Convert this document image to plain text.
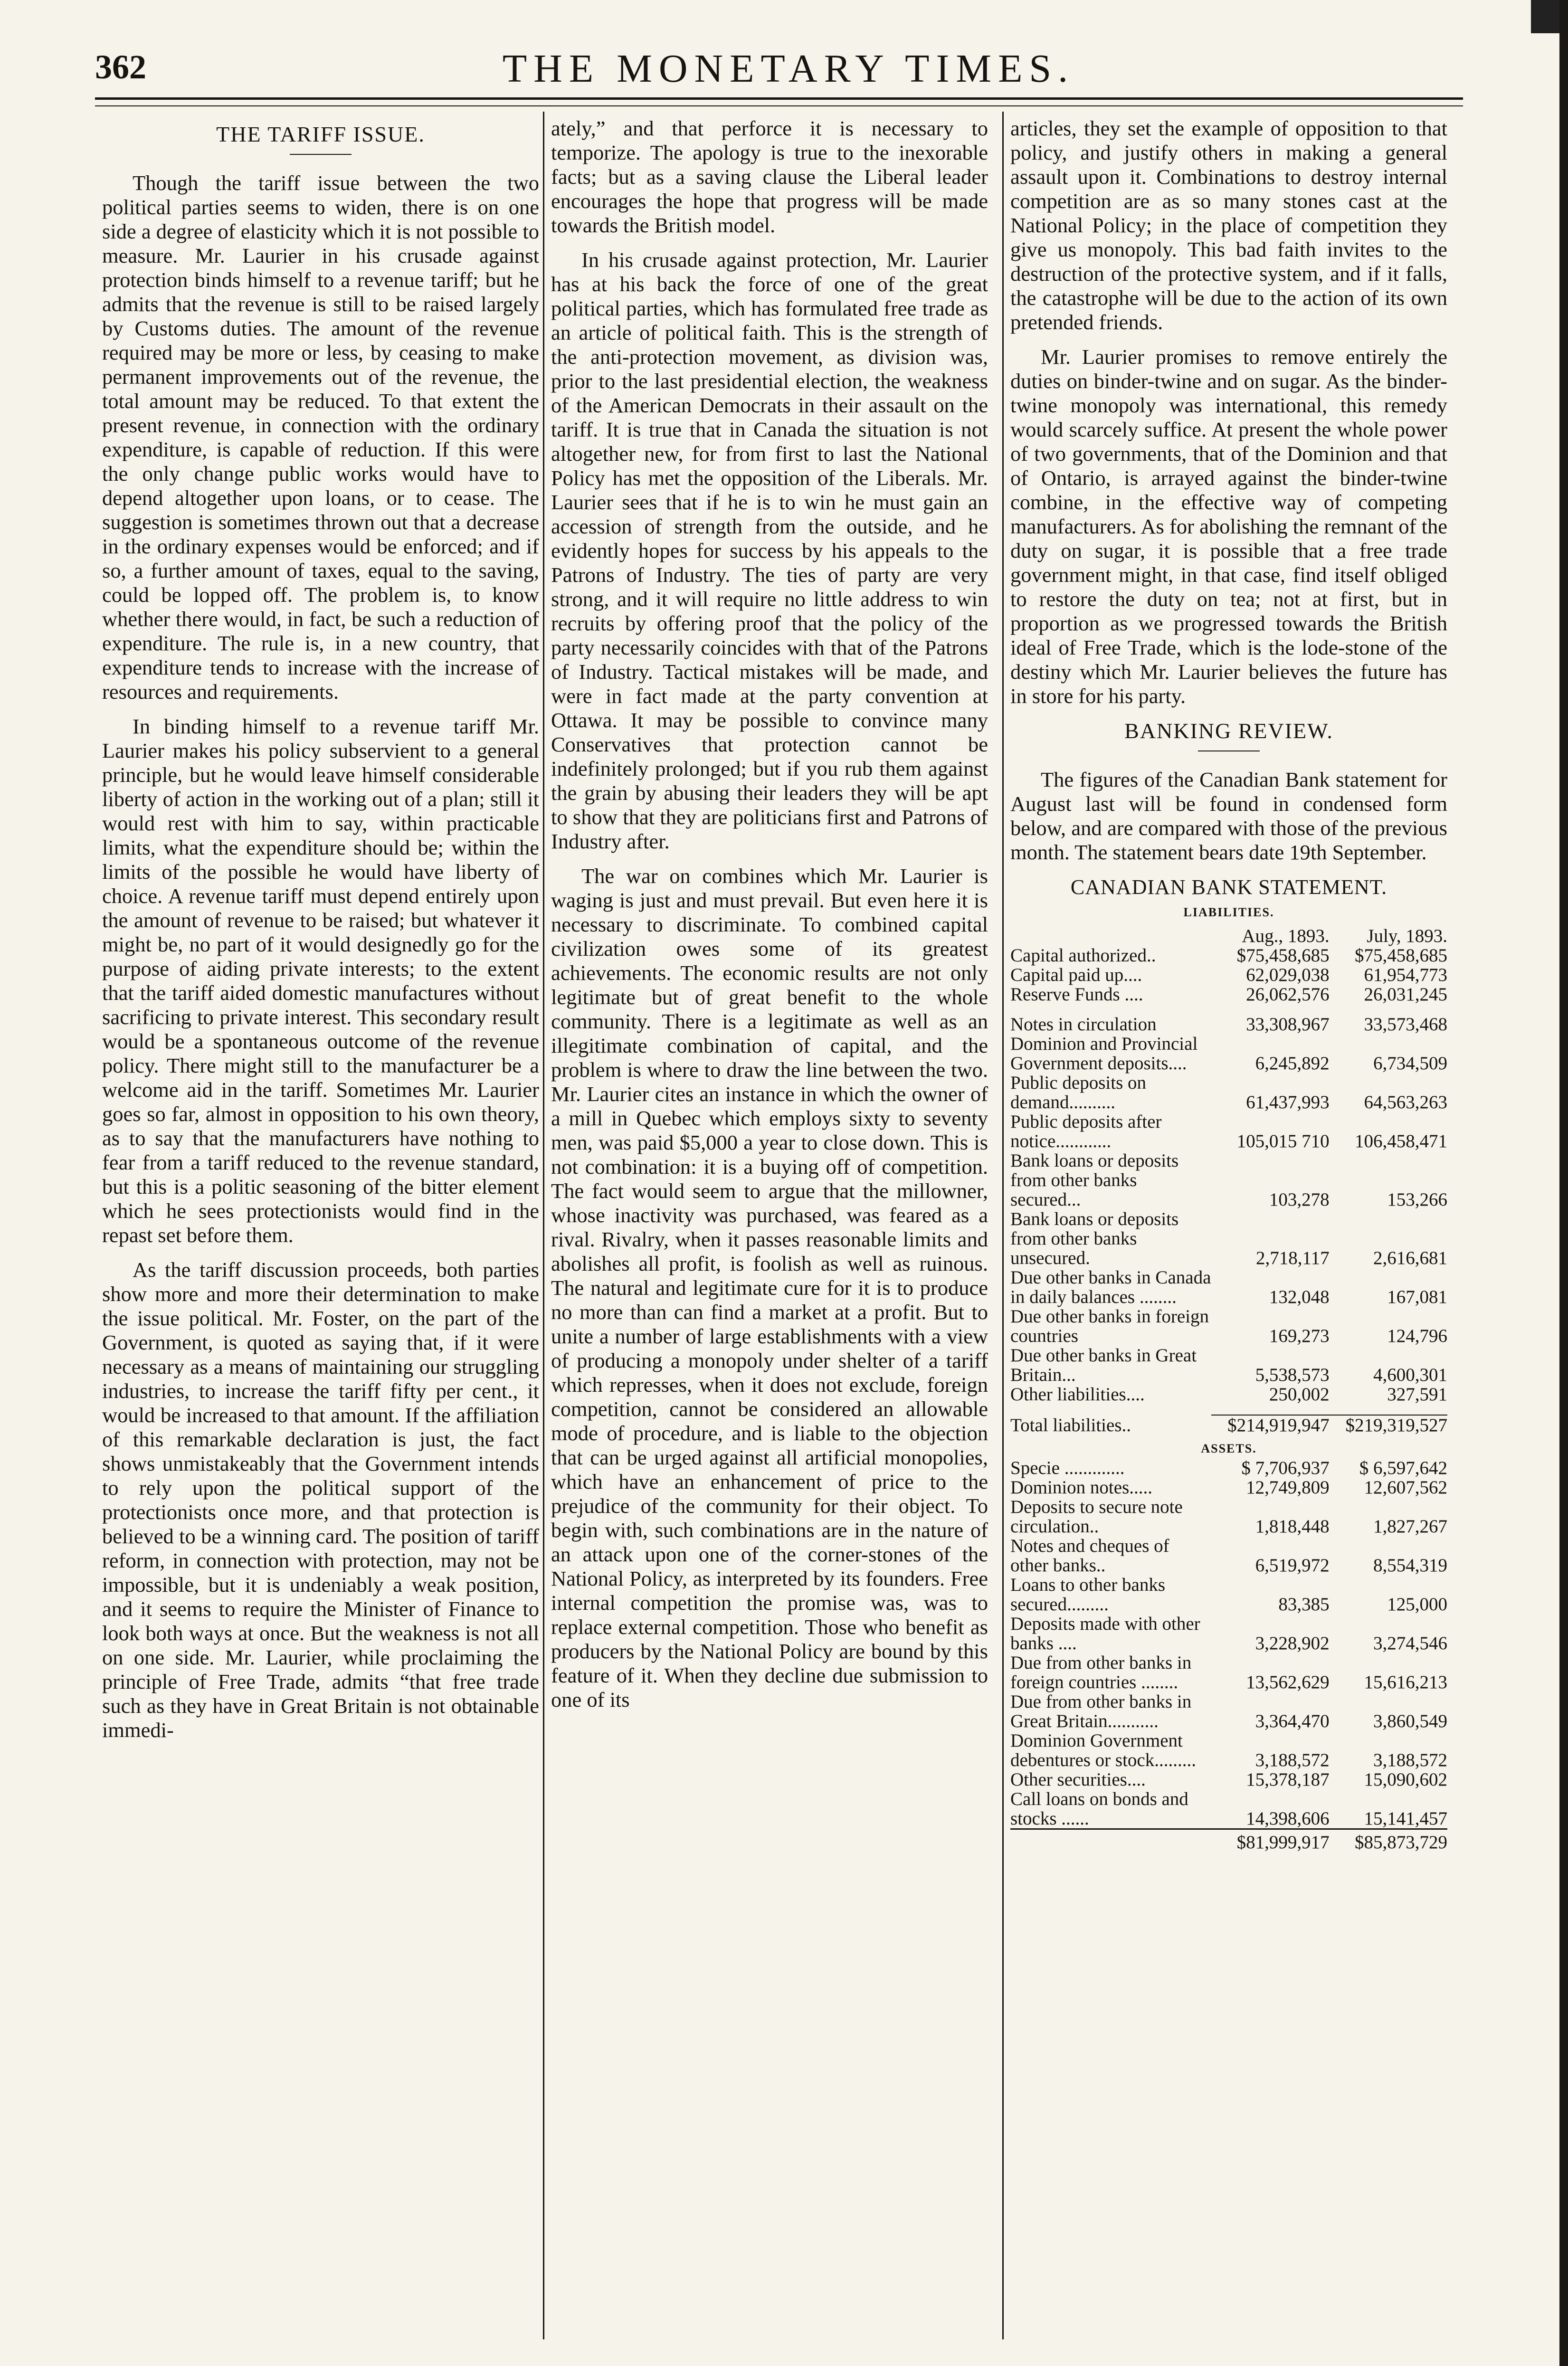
362	THE MONETARY TIMES.
THE TARIFF ISSUE.

Though the tariff issue between the two political parties seems to widen, there is on one side a degree of elasticity which it is not possible to measure. Mr. Laurier in his crusade against protection binds himself to a revenue tariff; but he admits that the revenue is still to be raised largely by Customs duties. The amount of the revenue required may be more or less, by ceasing to make permanent improvements out of the revenue, the total amount may be reduced. To that extent the present revenue, in connection with the ordinary expenditure, is capable of reduction. If this were the only change public works would have to depend altogether upon loans, or to cease. The suggestion is sometimes thrown out that a decrease in the ordinary expenses would be enforced; and if so, a further amount of taxes, equal to the saving, could be lopped off. The problem is, to know whether there would, in fact, be such a reduction of expenditure. The rule is, in a new country, that expenditure tends to increase with the increase of resources and requirements.

In binding himself to a revenue tariff Mr. Laurier makes his policy subservient to a general principle, but he would leave himself considerable liberty of action in the working out of a plan; still it would rest with him to say, within practicable limits, what the expenditure should be; within the limits of the possible he would have liberty of choice. A revenue tariff must depend entirely upon the amount of revenue to be raised; but whatever it might be, no part of it would designedly go for the purpose of aiding private interests; to the extent that the tariff aided domestic manufactures without sacrificing to private interest. This secondary result would be a spontaneous outcome of the revenue policy. There might still to the manufacturer be a welcome aid in the tariff. Sometimes Mr. Laurier goes so far, almost in opposition to his own theory, as to say that the manufacturers have nothing to fear from a tariff reduced to the revenue standard, but this is a politic seasoning of the bitter element which he sees protectionists would find in the repast set before them.

As the tariff discussion proceeds, both parties show more and more their determination to make the issue political. Mr. Foster, on the part of the Government, is quoted as saying that, if it were necessary as a means of maintaining our struggling industries, to increase the tariff fifty per cent., it would be increased to that amount. If the affiliation of this remarkable declaration is just, the fact shows unmistakeably that the Government intends to rely upon the political support of the protectionists once more, and that protection is believed to be a winning card. The position of tariff reform, in connection with protection, may not be impossible, but it is undeniably a weak position, and it seems to require the Minister of Finance to look both ways at once. But the weakness is not all on one side. Mr. Laurier, while proclaiming the principle of Free Trade, admits “that free trade such as they have in Great Britain is not obtainable immedi-

ately,” and that perforce it is necessary to temporize. The apology is true to the inexorable facts; but as a saving clause the Liberal leader encourages the hope that progress will be made towards the British model.

In his crusade against protection, Mr. Laurier has at his back the force of one of the great political parties, which has formulated free trade as an article of political faith. This is the strength of the anti-protection movement, as division was, prior to the last presidential election, the weakness of the American Democrats in their assault on the tariff. It is true that in Canada the situation is not altogether new, for from first to last the National Policy has met the opposition of the Liberals. Mr. Laurier sees that if he is to win he must gain an accession of strength from the outside, and he evidently hopes for success by his appeals to the Patrons of Industry. The ties of party are very strong, and it will require no little address to win recruits by offering proof that the policy of the party necessarily coincides with that of the Patrons of Industry. Tactical mistakes will be made, and were in fact made at the party convention at Ottawa. It may be possible to convince many Conservatives that protection cannot be indefinitely prolonged; but if you rub them against the grain by abusing their leaders they will be apt to show that they are politicians first and Patrons of Industry after.

The war on combines which Mr. Laurier is waging is just and must prevail. But even here it is necessary to discriminate. To combined capital civilization owes some of its greatest achievements. The economic results are not only legitimate but of great benefit to the whole community. There is a legitimate as well as an illegitimate combination of capital, and the problem is where to draw the line between the two. Mr. Laurier cites an instance in which the owner of a mill in Quebec which employs sixty to seventy men, was paid $5,000 a year to close down. This is not combination: it is a buying off of competition. The fact would seem to argue that the millowner, whose inactivity was purchased, was feared as a rival. Rivalry, when it passes reasonable limits and abolishes all profit, is foolish as well as ruinous. The natural and legitimate cure for it is to produce no more than can find a market at a profit. But to unite a number of large establishments with a view of producing a monopoly under shelter of a tariff which represses, when it does not exclude, foreign competition, cannot be considered an allowable mode of procedure, and is liable to the objection that can be urged against all artificial monopolies, which have an enhancement of price to the prejudice of the community for their object. To begin with, such combinations are in the nature of an attack upon one of the corner-stones of the National Policy, as interpreted by its founders. Free internal competition the promise was, was to replace external competition. Those who benefit as producers by the National Policy are bound by this feature of it. When they decline due submission to one of its

articles, they set the example of opposition to that policy, and justify others in making a general assault upon it. Combinations to destroy internal competition are as so many stones cast at the National Policy; in the place of competition they give us monopoly. This bad faith invites to the destruction of the protective system, and if it falls, the catastrophe will be due to the action of its own pretended friends.

Mr. Laurier promises to remove entirely the duties on binder-twine and on sugar. As the binder-twine monopoly was international, this remedy would scarcely suffice. At present the whole power of two governments, that of the Dominion and that of Ontario, is arrayed against the binder-twine combine, in the effective way of competing manufacturers. As for abolishing the remnant of the duty on sugar, it is possible that a free trade government might, in that case, find itself obliged to restore the duty on tea; not at first, but in proportion as we progressed towards the British ideal of Free Trade, which is the lode-stone of the destiny which Mr. Laurier believes the future has in store for his party.

BANKING REVIEW.

The figures of the Canadian Bank statement for August last will be found in condensed form below, and are compared with those of the previous month. The statement bears date 19th September.

CANADIAN BANK STATEMENT.
LIABILITIES.
	Aug., 1893.	July, 1893.
Capital authorized..	$75,458,685	$75,458,685
Capital paid up....	62,029,038	61,954,773
Reserve Funds ....	26,062,576	26,031,245

Notes in circulation	33,308,967	33,573,468
Dominion and Provincial Government deposits....	6,245,892	6,734,509
Public deposits on demand..........	61,437,993	64,563,263
Public deposits after notice............	105,015 710	106,458,471
Bank loans or deposits from other banks secured...	103,278	153,266
Bank loans or deposits from other banks unsecured.	2,718,117	2,616,681
Due other banks in Canada in daily balances ........	132,048	167,081
Due other banks in foreign countries	169,273	124,796
Due other banks in Great Britain...	5,538,573	4,600,301
Other liabilities....	250,002	327,591

Total liabilities..	$214,919,947	$219,319,527
ASSETS.		
Specie .............	$ 7,706,937	$ 6,597,642
Dominion notes.....	12,749,809	12,607,562
Deposits to secure note circulation..	1,818,448	1,827,267
Notes and cheques of other banks..	6,519,972	8,554,319
Loans to other banks secured.........	83,385	125,000
Deposits made with other banks ....	3,228,902	3,274,546
Due from other banks in foreign countries ........	13,562,629	15,616,213
Due from other banks in Great Britain...........	3,364,470	3,860,549
Dominion Government debentures or stock.........	3,188,572	3,188,572
Other securities....	15,378,187	15,090,602
Call loans on bonds and stocks ......	14,398,606	15,141,457

	$81,999,917	$85,873,729
